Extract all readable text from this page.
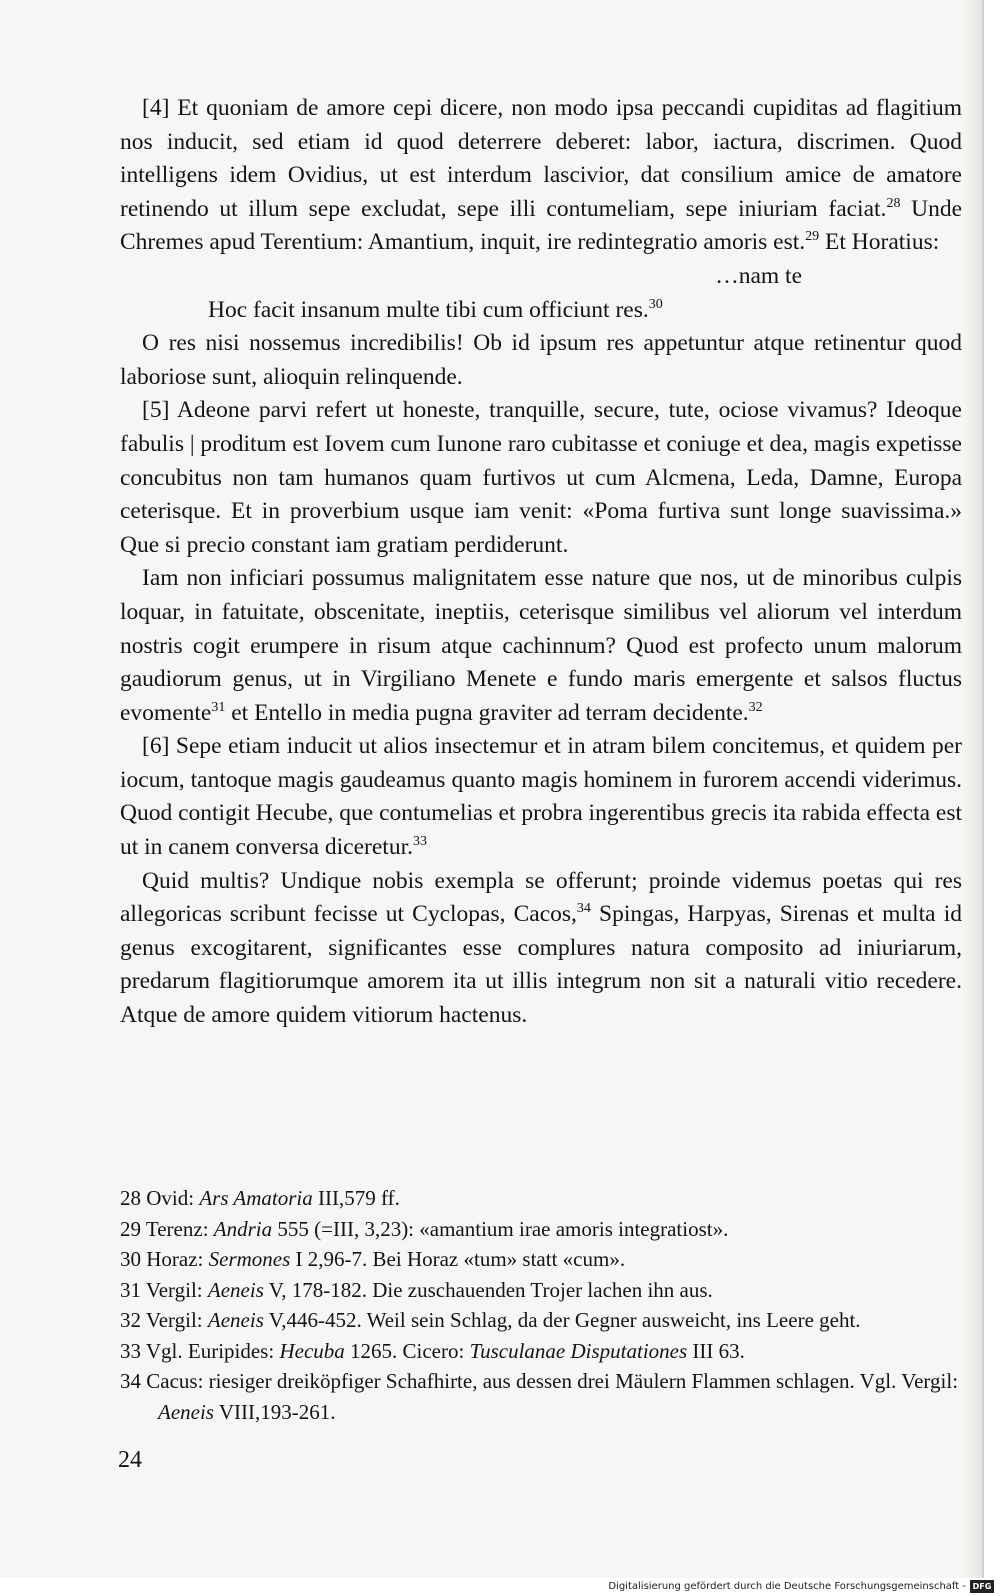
[4] Et quoniam de amore cepi dicere, non modo ipsa peccandi cupiditas ad flagitium nos inducit, sed etiam id quod deterrere deberet: labor, iactura, discrimen. Quod intelligens idem Ovidius, ut est interdum lascivior, dat consilium amice de amatore retinendo ut illum sepe excludat, sepe illi contumeliam, sepe iniuriam faciat.$^{28}$ Unde Chremes apud Terentium: Amantium, inquit, ire redintegratio amoris est.$^{29}$ Et Horatius:

…nam te

Hoc facit insanum multe tibi cum officiunt res.$^{30}$

O res nisi nossemus incredibilis! Ob id ipsum res appetuntur atque retinentur quod laboriose sunt, alioquin relinquende.

[5] Adeone parvi refert ut honeste, tranquille, secure, tute, ociose vivamus? Ideoque fabulis | proditum est Iovem cum Iunone raro cubitasse et coniuge et dea, magis expetisse concubitus non tam humanos quam furtivos ut cum Alcmena, Leda, Damne, Europa ceterisque. Et in proverbium usque iam venit: «Poma furtiva sunt longe suavissima.» Que si precio constant iam gratiam perdiderunt.

Iam non inficiari possumus malignitatem esse nature que nos, ut de minoribus culpis loquar, in fatuitate, obscenitate, ineptiis, ceterisque similibus vel aliorum vel interdum nostris cogit erumpere in risum atque cachinnum? Quod est profecto unum malorum gaudiorum genus, ut in Virgiliano Menete e fundo maris emergente et salsos fluctus evomente$^{31}$ et Entello in media pugna graviter ad terram decidente.$^{32}$

[6] Sepe etiam inducit ut alios insectemur et in atram bilem concitemus, et quidem per iocum, tantoque magis gaudeamus quanto magis hominem in furorem accendi viderimus. Quod contigit Hecube, que contumelias et probra ingerentibus grecis ita rabida effecta est ut in canem conversa diceretur.$^{33}$

Quid multis? Undique nobis exempla se offerunt; proinde videmus poetas qui res allegoricas scribunt fecisse ut Cyclopas, Cacos,$^{34}$ Spingas, Harpyas, Sirenas et multa id genus excogitarent, significantes esse complures natura composito ad iniuriarum, predarum flagitiorumque amorem ita ut illis integrum non sit a naturali vitio recedere. Atque de amore quidem vitiorum hactenus.

28 Ovid: Ars Amatoria III,579 ff.

29 Terenz: Andria 555 (=III, 3,23): «amantium irae amoris integratiost».

30 Horaz: Sermones I 2,96-7. Bei Horaz «tum» statt «cum».

31 Vergil: Aeneis V, 178-182. Die zuschauenden Trojer lachen ihn aus.

32 Vergil: Aeneis V,446-452. Weil sein Schlag, da der Gegner ausweicht, ins Leere geht.

33 Vgl. Euripides: Hecuba 1265. Cicero: Tusculanae Disputationes III 63.

34 Cacus: riesiger dreiköpfiger Schafhirte, aus dessen drei Mäulern Flammen schlagen. Vgl. Vergil: Aeneis VIII,193-261.

24
Digitalisierung gefördert durch die Deutsche Forschungsgemeinschaft - DFG
